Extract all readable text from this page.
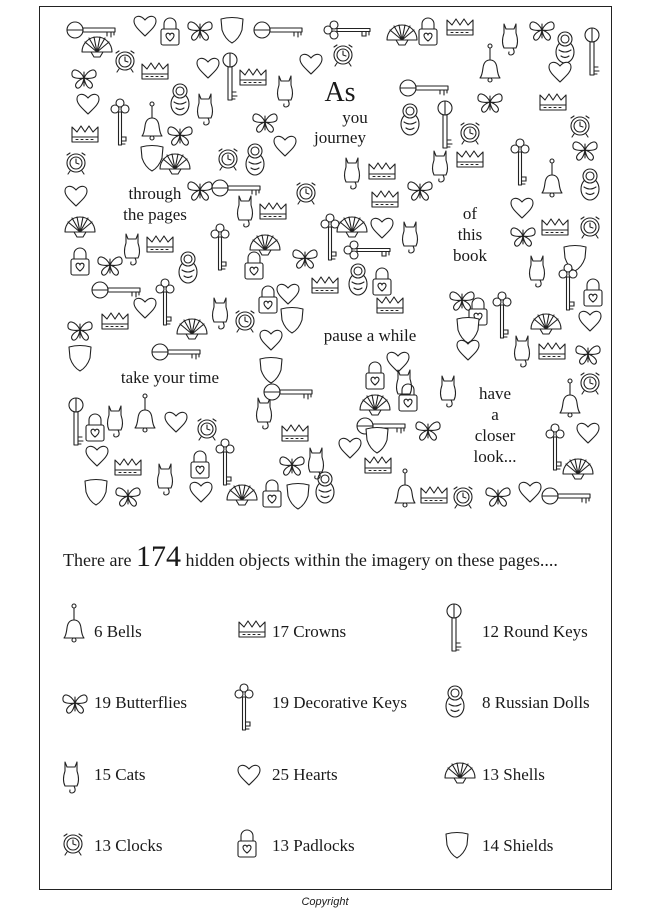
As
you
journey
through
the pages	of
this
book
pause a while
take your time
have
a
closer
look...
There are 174 hidden objects within the imagery on these pages....
6 Bells	17 Crowns	12 Round Keys
19 Butterflies	19 Decorative Keys	8 Russian Dolls
15 Cats	25 Hearts	13 Shells
13 Clocks	13 Padlocks	14 Shields
Copyright
